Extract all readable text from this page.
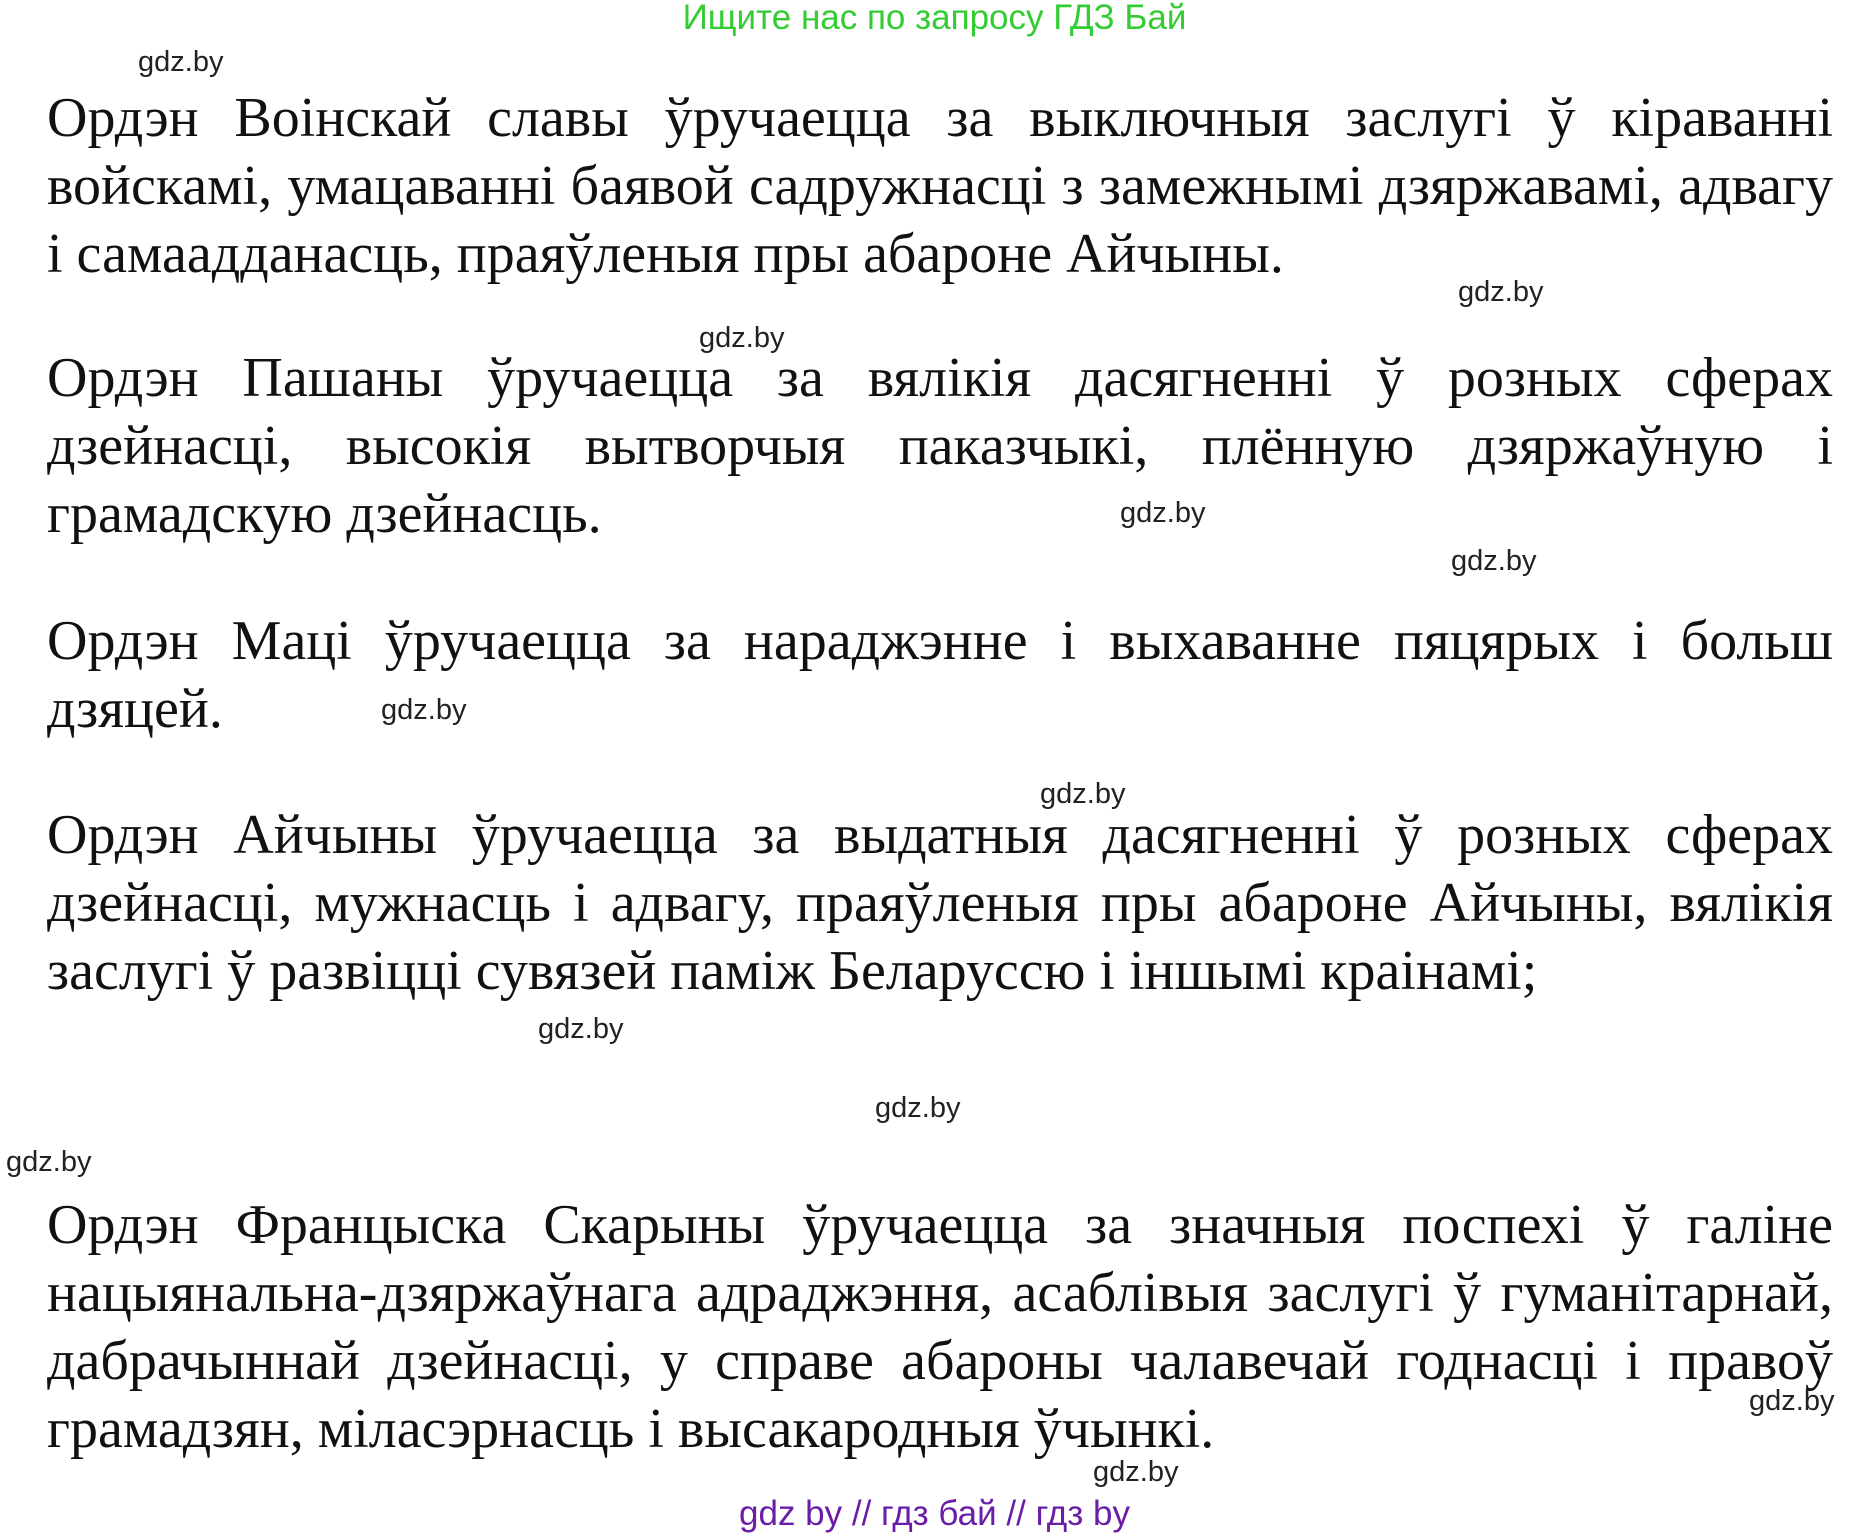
Ищите нас по запросу ГДЗ Бай
Ордэн Воінскай славы ўручаецца за выключныя заслугі ў кіраванні войскамі, умацаванні баявой садружнасці з замежнымі дзяржавамі, адвагу і самаадданасць, праяўленыя пры абароне Айчыны.
Ордэн Пашаны ўручаецца за вялікія дасягненні ў розных сферах дзейнасці, высокія вытворчыя паказчыкі, плённую дзяржаўную і грамадскую дзейнасць.
Ордэн Маці ўручаецца за нараджэнне і выхаванне пяцярых і больш дзяцей.
Ордэн Айчыны ўручаецца за выдатныя дасягненні ў розных сферах дзейнасці, мужнасць і адвагу, праяўленыя пры абароне Айчыны, вялікія заслугі ў развіцці сувязей паміж Беларуссю і іншымі краінамі;
Ордэн Францыска Скарыны ўручаецца за значныя поспехі ў галіне нацыянальна-дзяржаўнага адраджэння, асаблівыя заслугі ў гуманітарнай, дабрачыннай дзейнасці, у справе абароны чалавечай годнасці і правоў грамадзян, міласэрнасць і высакародныя ўчынкі.
gdz.by
gdz.by
gdz.by
gdz.by
gdz.by
gdz.by
gdz.by
gdz.by
gdz.by
gdz.by
gdz.by
gdz.by
gdz by // гдз бай // гдз by
